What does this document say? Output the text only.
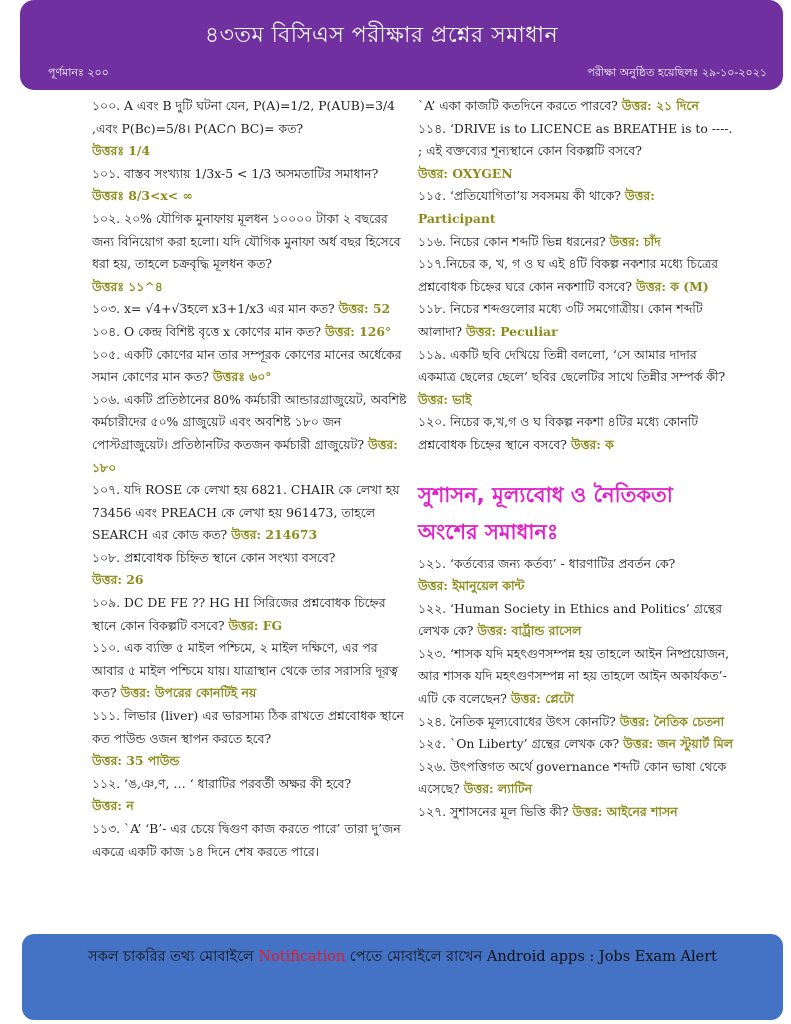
৪৩তম বিসিএস পরীক্ষার প্রশ্নের সমাধান
পূর্ণমানঃ ২০০	পরীক্ষা অনুষ্ঠিত হয়েছিলঃ ২৯-১০-২০২১
১০০. A এবং B দুটি ঘটনা যেন, P(A)=1/2, P(AUB)=3/4 ,এবং P(Bc)=5/8। P(AC∩ BC)= কত?
উত্তরঃ 1/4
১০১. বাস্তব সংখ্যায় 1/3x-5 < 1/3 অসমতাটির সমাধান? উত্তরঃ 8/3<x< ∞
১০২. ২০% যৌগিক মুনাফায় মূলধন ১০০০০ টাকা ২ বছরের জন্য বিনিয়োগ করা হলো। যদি যৌগিক মুনাফা অর্ধ বছর হিসেবে ধরা হয়, তাহলে চক্রবৃদ্ধি মূলধন কত?
উত্তরঃ ১১^৪
১০৩. x= √4+√3হলে x3+1/x3 এর মান কত? উত্তর: 52
১০৪. O কেন্দ্র বিশিষ্ট বৃত্তে x কোণের মান কত? উত্তর: 126°
১০৫. একটি কোণের মান তার সম্পূরক কোণের মানের অর্ধেকের সমান কোণের মান কত? উত্তরঃ ৬০°
১০৬. একটি প্রতিষ্ঠানের 80% কর্মচারী আন্ডারগ্রাজুয়েট, অবশিষ্ট কর্মচারীদের ৫০% গ্রাজুয়েট এবং অবশিষ্ট ১৮০ জন পোস্টগ্রাজুয়েট। প্রতিষ্ঠানটির কতজন কর্মচারী গ্রাজুয়েট? উত্তর: ১৮০
১০৭. যদি ROSE কে লেখা হয় 6821. CHAIR কে লেখা হয় 73456 এবং PREACH কে লেখা হয় 961473, তাহলে SEARCH এর কোড কত? উত্তর: 214673
১০৮. প্রশ্নবোধক চিহ্নিত স্থানে কোন সংখ্যা বসবে?
উত্তর: 26
১০৯. DC DE FE ?? HG HI সিরিজের প্রশ্নবোধক চিহ্নের স্থানে কোন বিকল্পটি বসবে? উত্তর: FG
১১০. এক ব্যক্তি ৫ মাইল পশ্চিমে, ২ মাইল দক্ষিণে, এর পর আবার ৫ মাইল পশ্চিমে যায়। যাত্রাস্থান থেকে তার সরাসরি দূরত্ব কত? উত্তর: উপরের কোনটিই নয়
১১১. লিভার (liver) এর ভারসাম্য ঠিক রাখতে প্রশ্নবোধক স্থানে কত পাউন্ড ওজন স্থাপন করতে হবে?
উত্তর: 35 পাউন্ড
১১২. ‘ঙ,ঞ,ণ, … ‘ ধারাটির পরবর্তী অক্ষর কী হবে?
উত্তর: ন
১১৩. `A’ ‘B’- এর চেয়ে দ্বিগুণ কাজ করতে পারে’ তারা দু’জন একত্রে একটি কাজ ১৪ দিনে শেষ করতে পারে।
`A’ একা কাজটি কতদিনে করতে পারবে? উত্তর: ২১ দিনে
১১৪. ‘DRIVE is to LICENCE as BREATHE is to ----. ; এই বক্তব্যের শূন্যস্থানে কোন বিকল্পটি বসবে?
উত্তর: OXYGEN
১১৫. ‘প্রতিযোগিতা’য় সবসময় কী থাকে? উত্তর: Participant
১১৬. নিচের কোন শব্দটি ভিন্ন ধরনের? উত্তর: চাঁদ
১১৭.নিচের ক, খ, গ ও ঘ এই ৪টি বিকল্প নকশার মধ্যে চিত্রের প্রশ্নবোধক চিহ্নের ঘরে কোন নকশাটি বসবে? উত্তর: ক (M)
১১৮. নিচের শব্দগুলোর মধ্যে ৩টি সমগোত্রীয়। কোন শব্দটি আলাদা? উত্তর: Peculiar
১১৯. একটি ছবি দেখিয়ে তিন্নী বললো, ‘সে আমার দাদার একমাত্র ছেলের ছেলে’ ছবির ছেলেটির সাথে তিন্নীর সম্পর্ক কী? উত্তর: ভাই
১২০. নিচের ক,খ,গ ও ঘ বিকল্প নকশা ৪টির মধ্যে কোনটি প্রশ্নবোধক চিহ্নের স্থানে বসবে? উত্তর: ক
সুশাসন, মূল্যবোধ ও নৈতিকতা অংশের সমাধানঃ
১২১. ‘কর্তব্যের জন্য কর্তব্য’ - ধারণাটির প্রবর্তন কে?
উত্তর: ইমানুয়েল কান্ট
১২২. ‘Human Society in Ethics and Politics’ গ্রন্থের লেখক কে? উত্তর: বার্ট্রান্ড রাসেল
১২৩. ‘শাসক যদি মহৎগুণসম্পন্ন হয় তাহলে আইন নিষ্প্রয়োজন, আর শাসক যদি মহৎগুণসম্পন্ন না হয় তাহলে আইন অকার্যকত’- এটি কে বলেছেন? উত্তর: প্লেটো
১২৪. নৈতিক মূল্যবোধের উৎস কোনটি? উত্তর: নৈতিক চেতনা
১২৫. `On Liberty’ গ্রন্থের লেখক কে? উত্তর: জন স্টুয়ার্ট মিল
১২৬. উৎপত্তিগত অর্থে governance শব্দটি কোন ভাষা থেকে এসেছে? উত্তর: ল্যাটিন
১২৭. সুশাসনের মূল ভিত্তি কী? উত্তর: আইনের শাসন
সকল চাকরির তথ্য মোবাইলে Notification পেতে মোবাইলে রাখেন Android apps : Jobs Exam Alert
